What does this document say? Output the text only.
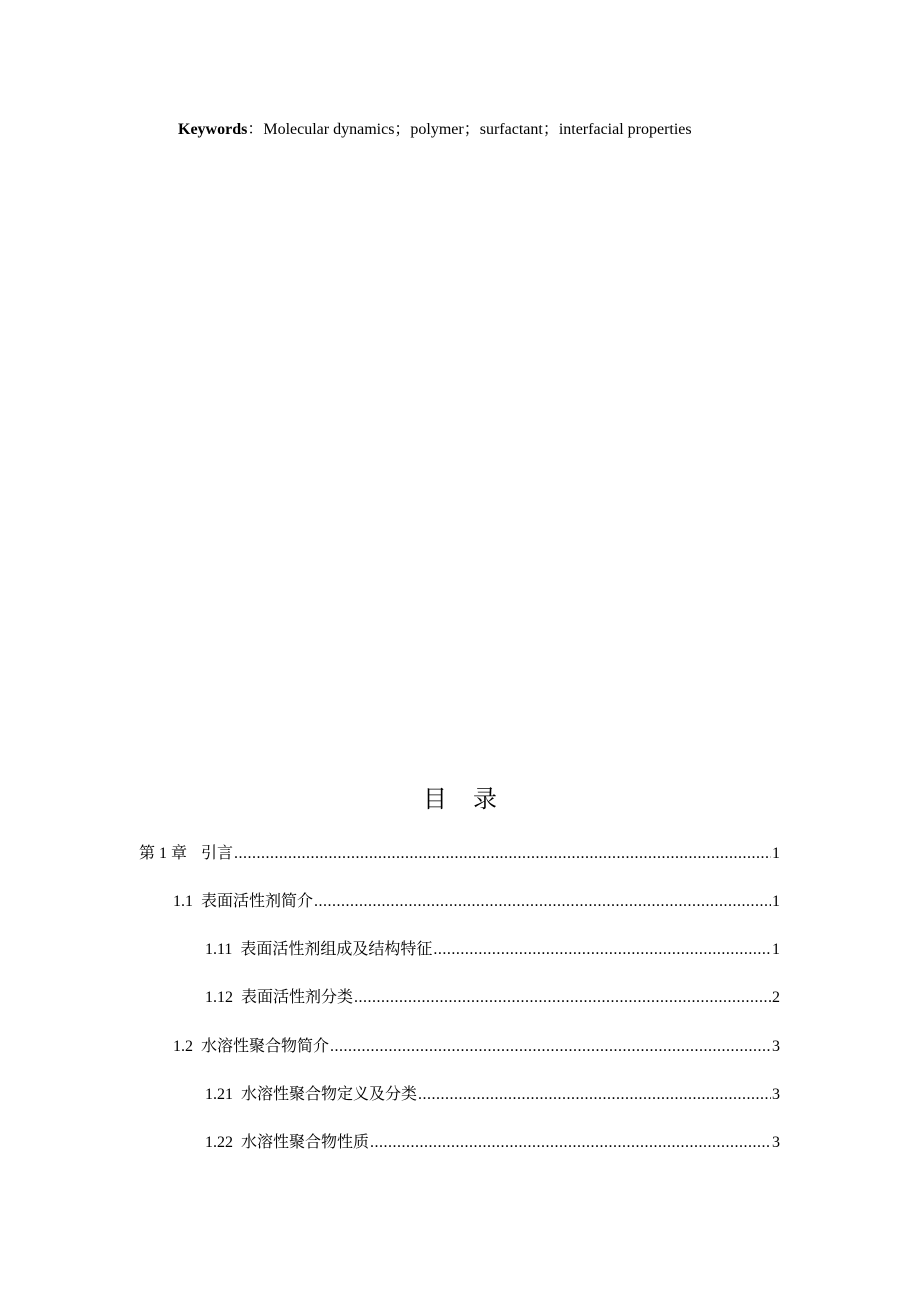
Keywords：Molecular dynamics；polymer；surfactant；interfacial properties
目 录
第 1 章 引言 .....	1
1.1 表面活性剂简介 .....	1
1.11 表面活性剂组成及结构特征 .....	1
1.12 表面活性剂分类 .....	2
1.2 水溶性聚合物简介 .....	3
1.21 水溶性聚合物定义及分类 .....	3
1.22 水溶性聚合物性质 .....	3
